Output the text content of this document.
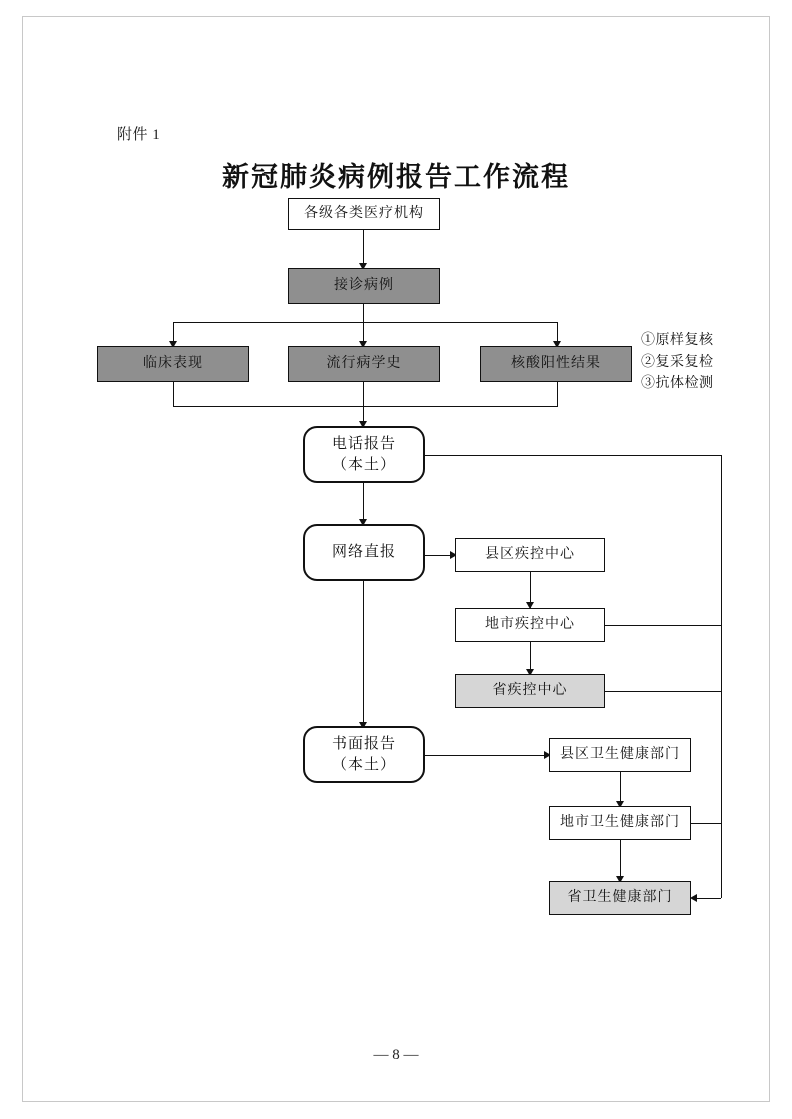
附件 1
新冠肺炎病例报告工作流程
各级各类医疗机构
接诊病例
临床表现	流行病学史	核酸阳性结果
①原样复核
②复采复检
③抗体检测
电话报告
（本土）
网络直报	县区疾控中心
地市疾控中心
省疾控中心
书面报告
（本土）
县区卫生健康部门
地市卫生健康部门
省卫生健康部门
— 8 —
